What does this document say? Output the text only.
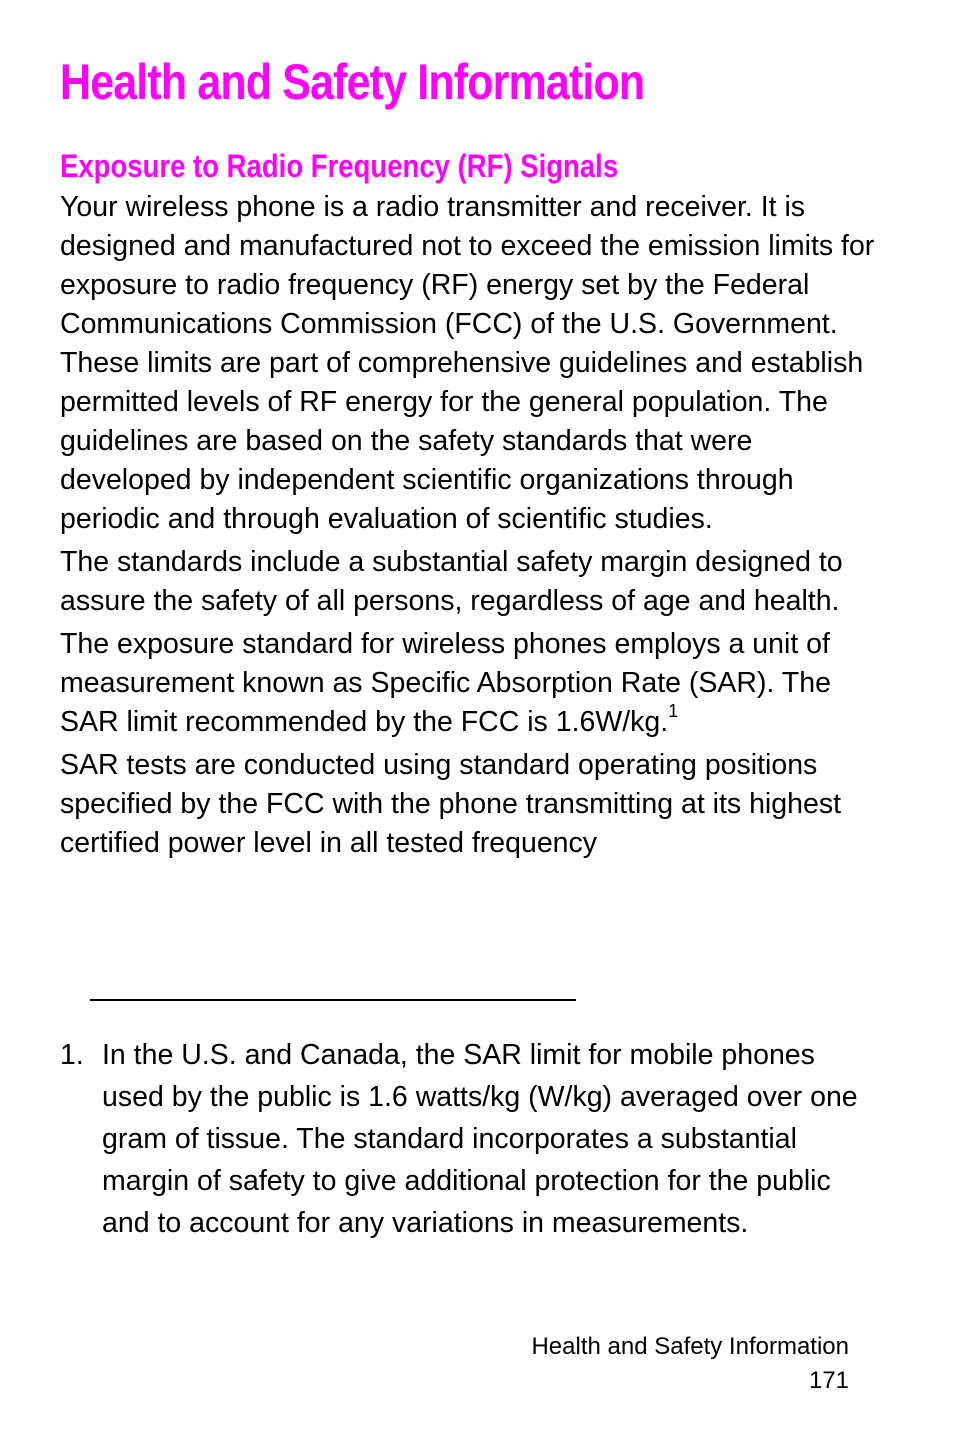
Health and Safety Information
Exposure to Radio Frequency (RF) Signals

Your wireless phone is a radio transmitter and receiver. It is designed and manufactured not to exceed the emission limits for exposure to radio frequency (RF) energy set by the Federal Communications Commission (FCC) of the U.S. Government. These limits are part of comprehensive guidelines and establish permitted levels of RF energy for the general population. The guidelines are based on the safety standards that were developed by independent scientific organizations through periodic and through evaluation of scientific studies.

The standards include a substantial safety margin designed to assure the safety of all persons, regardless of age and health.

The exposure standard for wireless phones employs a unit of measurement known as Specific Absorption Rate (SAR). The SAR limit recommended by the FCC is 1.6W/kg.$^1$

SAR tests are conducted using standard operating positions specified by the FCC with the phone transmitting at its highest certified power level in all tested frequency

1. In the U.S. and Canada, the SAR limit for mobile phones used by the public is 1.6 watts/kg (W/kg) averaged over one gram of tissue. The standard incorporates a substantial margin of safety to give additional protection for the public and to account for any variations in measurements.
Health and Safety Information
171
